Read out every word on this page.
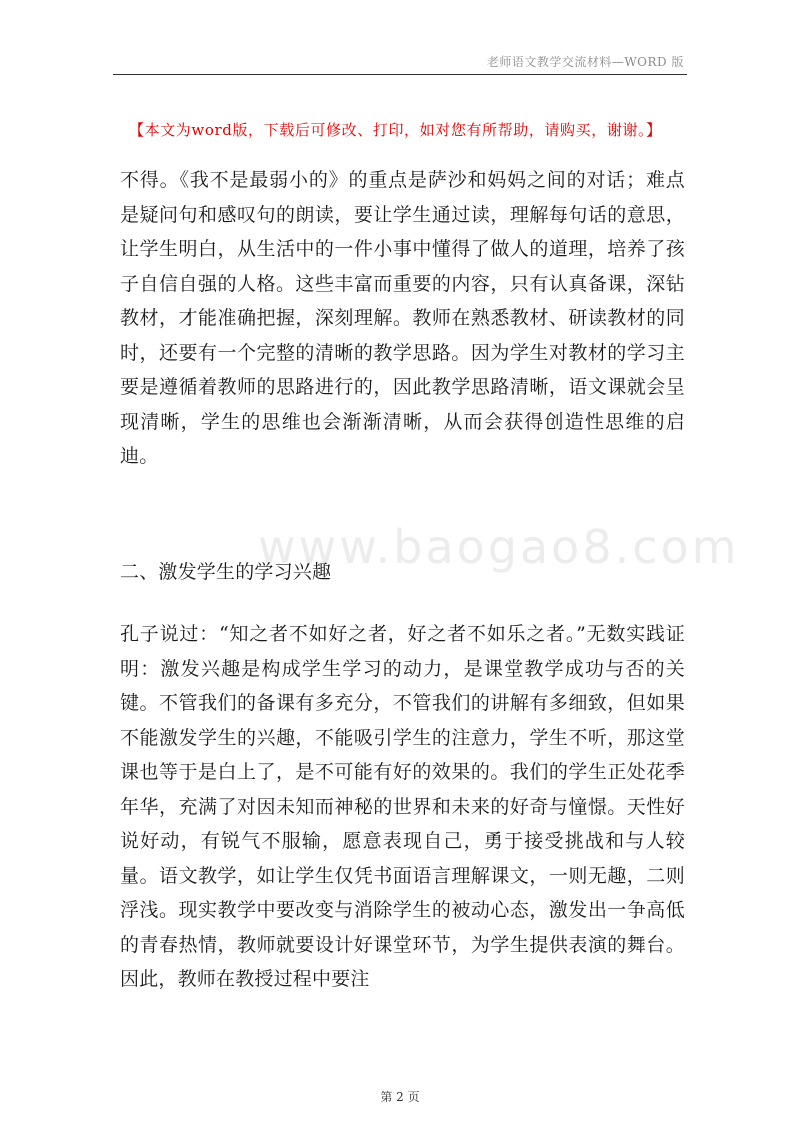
老师语文教学交流材料—WORD 版
【本文为word版，下载后可修改、打印，如对您有所帮助，请购买，谢谢。】
不得。《我不是最弱小的》的重点是萨沙和妈妈之间的对话；难点是疑问句和感叹句的朗读，要让学生通过读，理解每句话的意思，让学生明白，从生活中的一件小事中懂得了做人的道理，培养了孩子自信自强的人格。这些丰富而重要的内容，只有认真备课，深钻教材，才能准确把握，深刻理解。教师在熟悉教材、研读教材的同时，还要有一个完整的清晰的教学思路。因为学生对教材的学习主要是遵循着教师的思路进行的，因此教学思路清晰，语文课就会呈现清晰，学生的思维也会渐渐清晰，从而会获得创造性思维的启迪。
www.baogao8.com
二、激发学生的学习兴趣
孔子说过：“知之者不如好之者，好之者不如乐之者。”无数实践证明：激发兴趣是构成学生学习的动力，是课堂教学成功与否的关键。不管我们的备课有多充分，不管我们的讲解有多细致，但如果不能激发学生的兴趣，不能吸引学生的注意力，学生不听，那这堂课也等于是白上了，是不可能有好的效果的。我们的学生正处花季年华，充满了对因未知而神秘的世界和未来的好奇与憧憬。天性好说好动，有锐气不服输，愿意表现自己，勇于接受挑战和与人较量。语文教学，如让学生仅凭书面语言理解课文，一则无趣，二则浮浅。现实教学中要改变与消除学生的被动心态，激发出一争高低的青春热情，教师就要设计好课堂环节，为学生提供表演的舞台。因此，教师在教授过程中要注
第 2 页
